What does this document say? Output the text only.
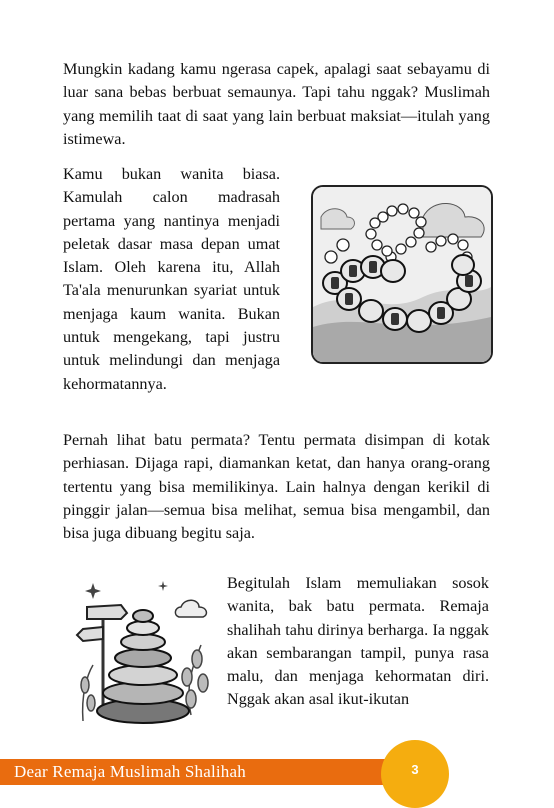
Mungkin kadang kamu ngerasa capek, apalagi saat sebayamu di luar sana bebas berbuat semaunya. Tapi tahu nggak? Muslimah yang memilih taat di saat yang lain berbuat maksiat—itulah yang istimewa.

Kamu bukan wanita biasa. Kamulah calon madrasah pertama yang nantinya menjadi peletak dasar masa depan umat Islam. Oleh karena itu, Allah Ta'ala menurunkan syariat untuk menjaga kaum wanita. Bukan untuk mengekang, tapi justru untuk melindungi dan menjaga kehormatannya.

Pernah lihat batu permata? Tentu permata disimpan di kotak perhiasan. Dijaga rapi, diamankan ketat, dan hanya orang-orang tertentu yang bisa memilikinya. Lain halnya dengan kerikil di pinggir jalan—semua bisa melihat, semua bisa mengambil, dan bisa juga dibuang begitu saja.

Begitulah Islam memuliakan sosok wanita, bak batu permata. Remaja shalihah tahu dirinya berharga. Ia nggak akan sembarangan tampil, punya rasa malu, dan menjaga kehormatan diri. Nggak akan asal ikut-ikutan

Dear Remaja Muslimah Shalihah	3
